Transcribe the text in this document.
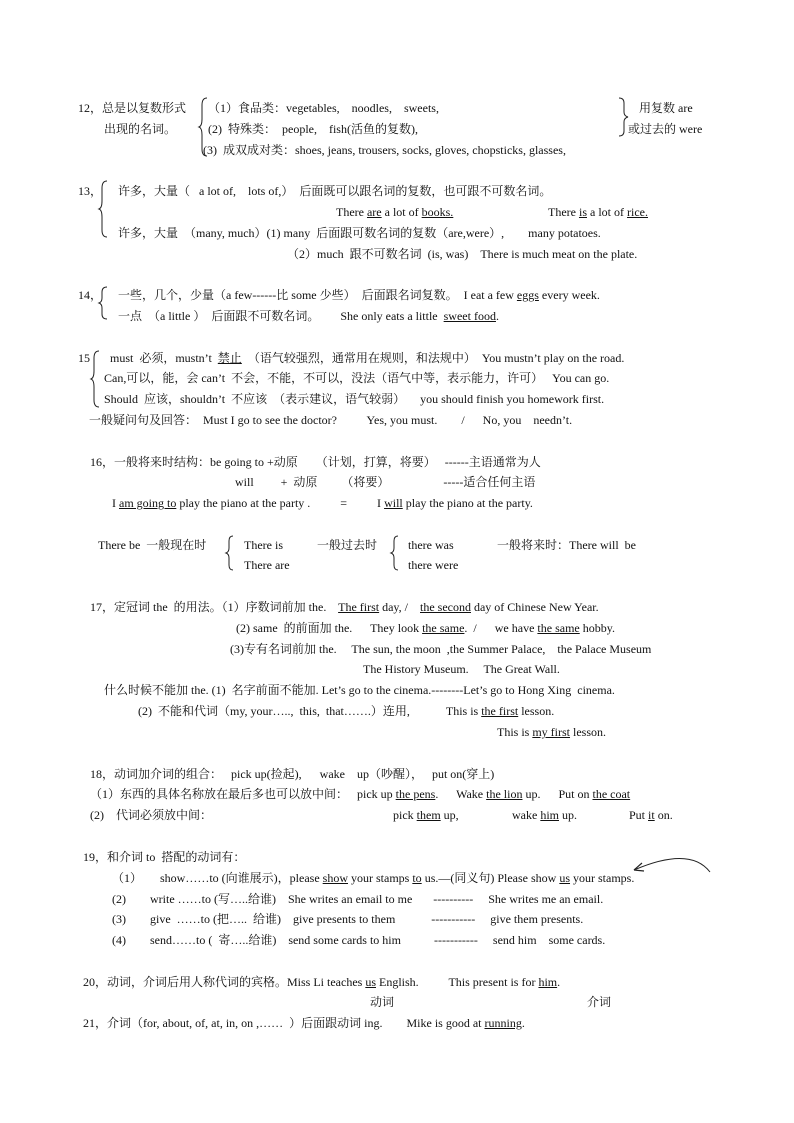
12，总是以复数形式 （1）食品类：vegetables,    noodles,    sweets,	用复数 are
出现的名词。	(2)  特殊类：  people,    fish(活鱼的复数),	或过去的 were
(3)  成双成对类：shoes, jeans, trousers, socks, gloves, chopsticks, glasses,
13， 许多，大量（   a lot of,    lots of,）  后面既可以跟名词的复数，也可跟不可数名词。
There are a lot of books.	There is a lot of rice.
许多，大量  （many, much）(1) many  后面跟可数名词的复数（are,were）,        many potatoes.
（2）much  跟不可数名词  (is, was)    There is much meat on the plate.
14， 一些，几个，少量（a few------比 some 少些）  后面跟名词复数。  I eat a few eggs every week.
一点  （a little ）  后面跟不可数名词。       She only eats a little  sweet food.
15 must  必须，mustn’t  禁止  （语气较强烈，通常用在规则，和法规中）  You mustn’t play on the road.
Can,可以，能，会 can’t  不会，不能，不可以，没法（语气中等，表示能力，许可）   You can go.
Should  应该，shouldn’t  不应该  （表示建议，语气较弱）     you should finish you homework first.
一般疑问句及回答：  Must I go to see the doctor?          Yes, you must.        /      No, you    needn’t.
16，一般将来时结构：be going to +动原      （计划，打算，将要）   ------主语通常为人
will         +  动原        （将要）                  -----适合任何主语
I am going to play the piano at the party .          =          I will play the piano at the party.
There be  一般现在时	There is
There are
一般过去时	there was
there were
一般将来时：There will  be
17，定冠词 the  的用法。（1）序数词前加 the.    The first day, /    the second day of Chinese New Year.
(2) same  的前面加 the.      They look the same.  /      we have the same hobby.
(3)专有名词前加 the.     The sun, the moon  ,the Summer Palace,    the Palace Museum
The History Museum.     The Great Wall.
什么时候不能加 the. (1)  名字前面不能加. Let’s go to the cinema.--------Let’s go to Hong Xing  cinema.
(2)  不能和代词（my, your…..,  this,  that…….）连用,            This is the first lesson.
This is my first lesson.
18，动词加介词的组合：   pick up(捡起),      wake    up（吵醒），   put on(穿上)
（1）东西的具体名称放在最后多也可以放中间：   pick up the pens.      Wake the lion up.      Put on the coat
(2)    代词必须放中间：	pick them up,	wake him up.	Put it on.
19，和介词 to  搭配的动词有：
（1）      show……to (向谁展示)，please show your stamps to us.—(同义句) Please show us your stamps.
(2)        write ……to (写…..给谁)    She writes an email to me       ----------     She writes me an email.
(3)        give  ……to (把…..  给谁)    give presents to them            -----------     give them presents.
(4)        send……to (  寄…..给谁)    send some cards to him           -----------     send him    some cards.
20，动词，介词后用人称代词的宾格。Miss Li teaches us English.          This present is for him.
动词	介词
21，介词（for, about, of, at, in, on ,……  ）后面跟动词 ing.        Mike is good at running.
